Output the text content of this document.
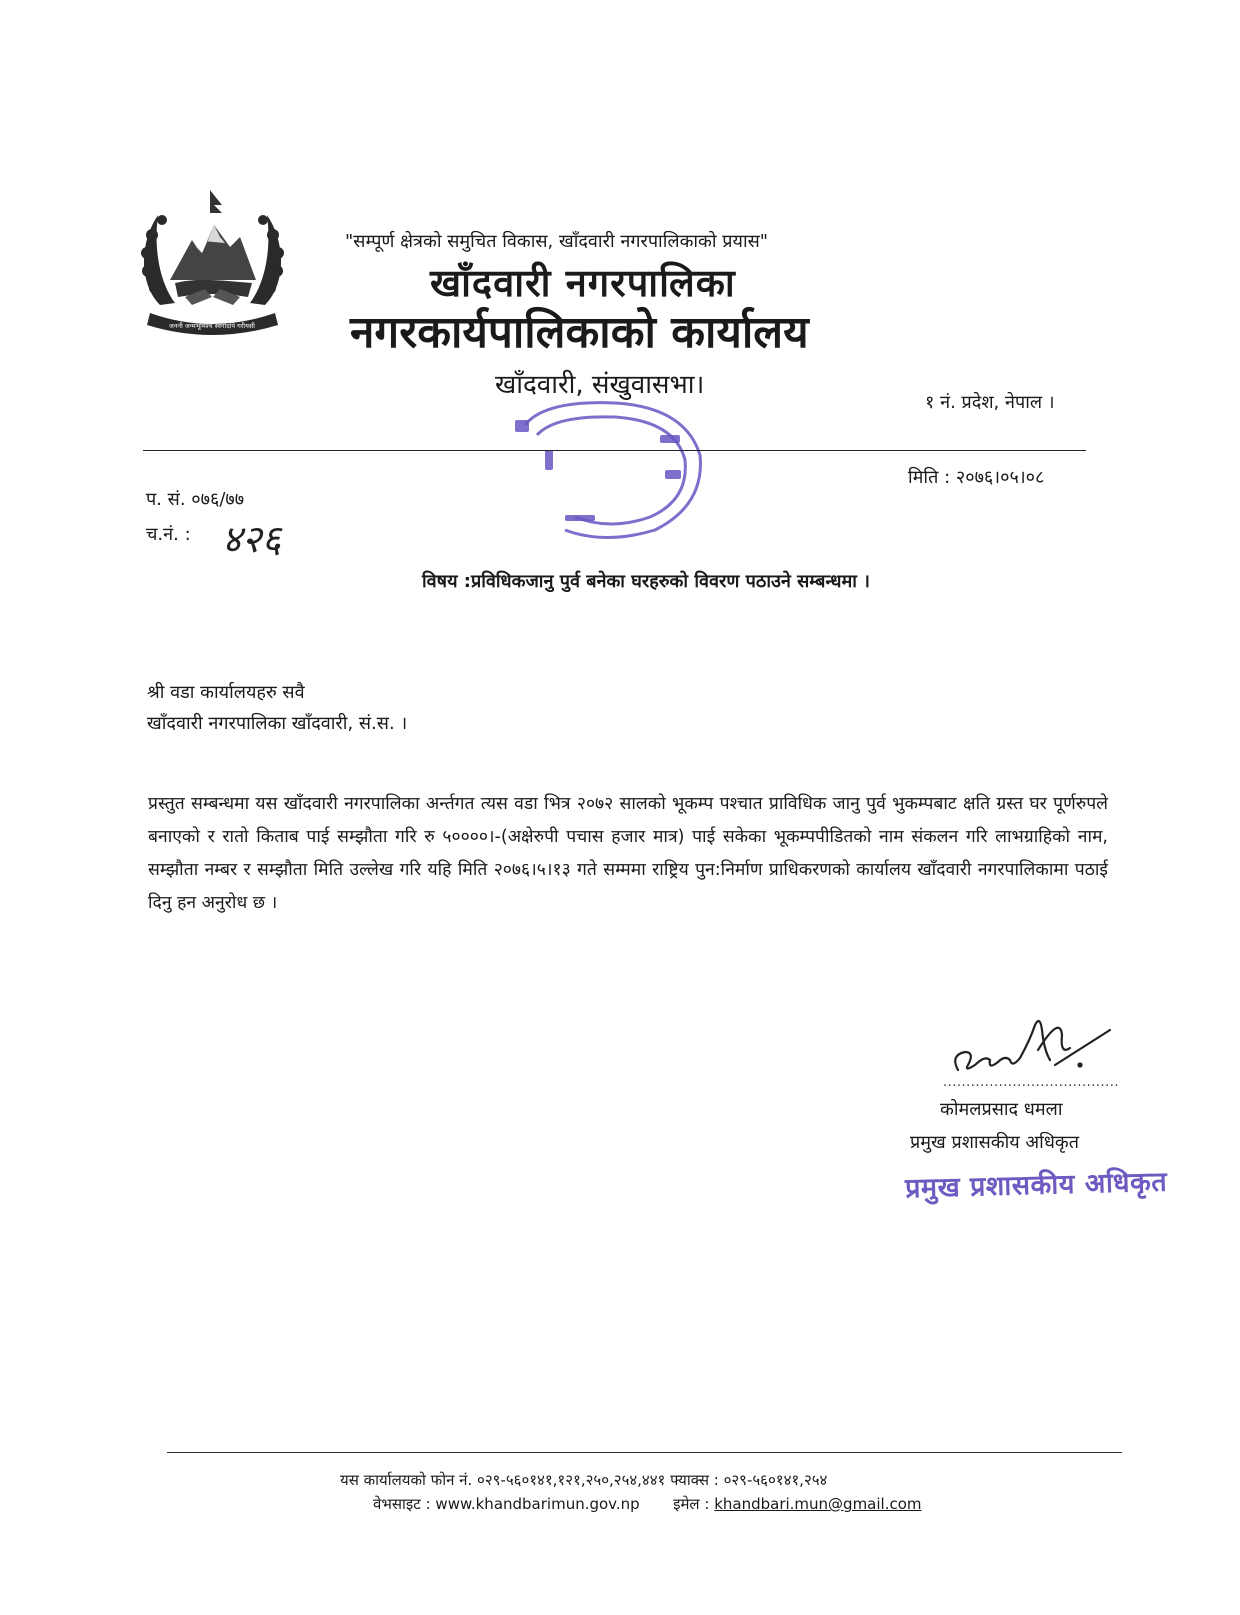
जननी जन्मभूमिश्च स्वर्गादपि गरीयसी
"सम्पूर्ण क्षेत्रको समुचित विकास, खाँदवारी नगरपालिकाको प्रयास"
खाँदवारी नगरपालिका
नगरकार्यपालिकाको कार्यालय
खाँदवारी, संखुवासभा।
१ नं. प्रदेश, नेपाल ।
मिति : २०७६।०५।०८
प. सं. ०७६/७७
च.नं. : ४२६
विषय :प्रविधिकजानु पुर्व बनेका घरहरुको विवरण पठाउने सम्बन्धमा ।
श्री वडा कार्यालयहरु सवै
खाँदवारी नगरपालिका खाँदवारी, सं.स. ।
प्रस्तुत सम्बन्धमा यस खाँदवारी नगरपालिका अर्न्तगत त्यस वडा भित्र २०७२ सालको भूकम्प पश्चात प्राविधिक जानु पुर्व भुकम्पबाट क्षति ग्रस्त घर पूर्णरुपले बनाएको र रातो किताब पाई सम्झौता गरि रु ५००००।-(अक्षेरुपी पचास हजार मात्र) पाई सकेका भूकम्पपीडितको नाम संकलन गरि लाभग्राहिको नाम, सम्झौता नम्बर र सम्झौता मिति उल्लेख गरि यहि मिति २०७६।५।१३ गते सम्ममा राष्ट्रिय पुन:निर्माण प्राधिकरणको कार्यालय खाँदवारी नगरपालिकामा पठाई दिनु हन अनुरोध छ ।
......................................
कोमलप्रसाद धमला
प्रमुख प्रशासकीय अधिकृत
प्रमुख प्रशासकीय अधिकृत
यस कार्यालयको फोन नं. ०२९-५६०१४१,१२१,२५०,२५४,४४१ फ्याक्स : ०२९-५६०१४१,२५४
वेभसाइट : www.khandbarimun.gov.np इमेल : khandbari.mun@gmail.com
